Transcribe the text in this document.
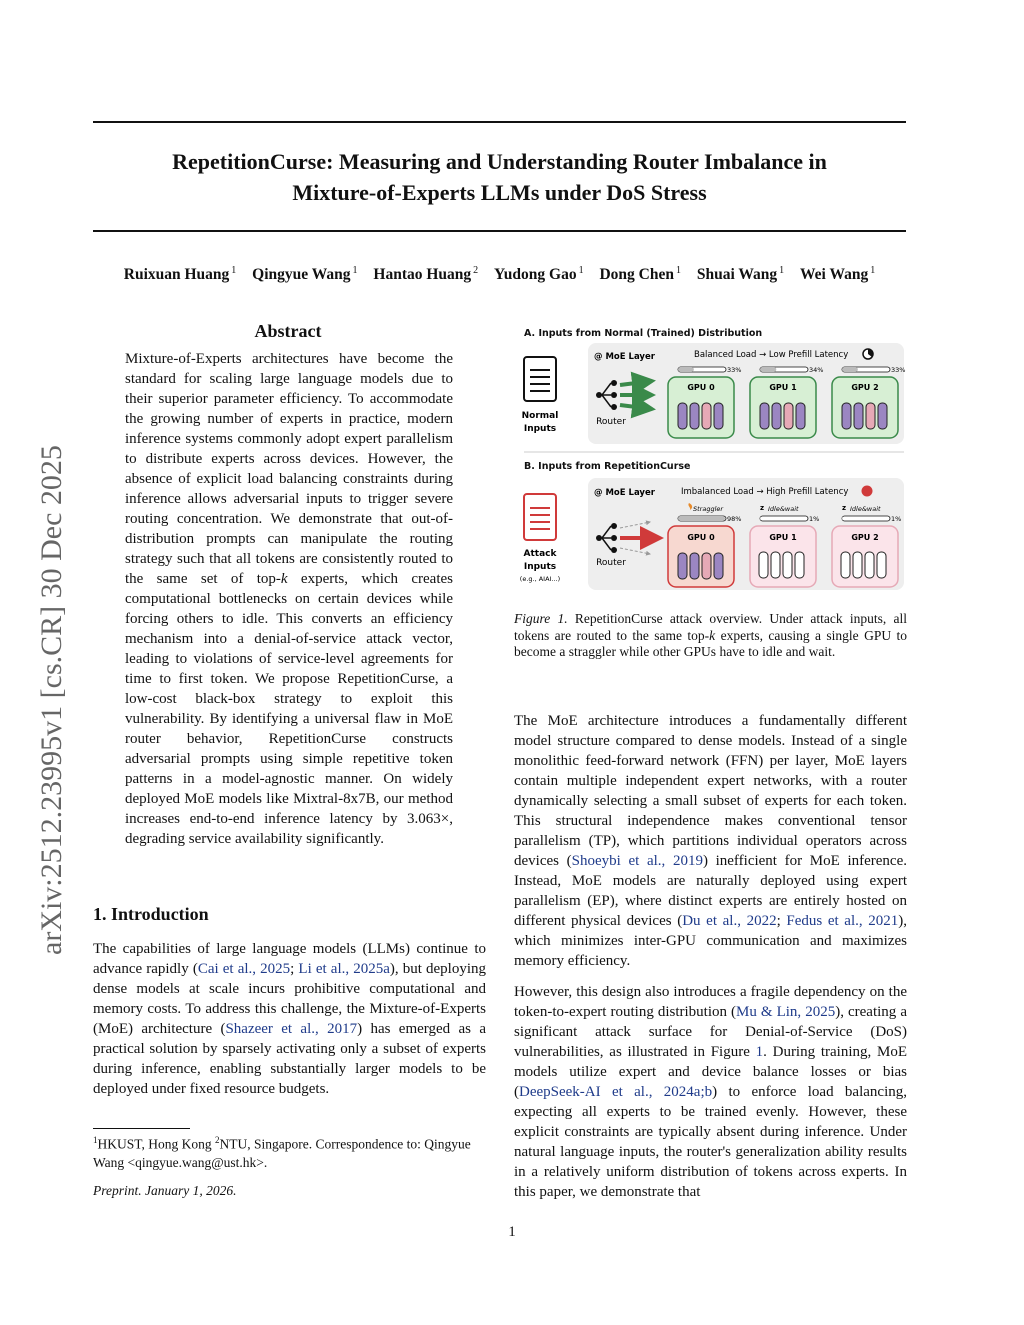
RepetitionCurse: Measuring and Understanding Router Imbalance in
Mixture-of-Experts LLMs under DoS Stress
Ruixuan Huang $^1$ Qingyue Wang $^1$ Hantao Huang $^2$ Yudong Gao $^1$ Dong Chen $^1$ Shuai Wang $^1$ Wei Wang $^1$
arXiv:2512.23995v1 [cs.CR] 30 Dec 2025
Abstract
Mixture-of-Experts architectures have become the standard for scaling large language models due to their superior parameter efficiency. To accommodate the growing number of experts in practice, modern inference systems commonly adopt expert parallelism to distribute experts across devices. However, the absence of explicit load balancing constraints during inference allows adversarial inputs to trigger severe routing concentration. We demonstrate that out-of-distribution prompts can manipulate the routing strategy such that all tokens are consistently routed to the same set of top-k experts, which creates computational bottlenecks on certain devices while forcing others to idle. This converts an efficiency mechanism into a denial-of-service attack vector, leading to violations of service-level agreements for time to first token. We propose RepetitionCurse, a low-cost black-box strategy to exploit this vulnerability. By identifying a universal flaw in MoE router behavior, RepetitionCurse constructs adversarial prompts using simple repetitive token patterns in a model-agnostic manner. On widely deployed MoE models like Mixtral-8x7B, our method increases end-to-end inference latency by 3.063×, degrading service availability significantly.
1. Introduction
The capabilities of large language models (LLMs) continue to advance rapidly (Cai et al., 2025; Li et al., 2025a), but deploying dense models at scale incurs prohibitive computational and memory costs. To address this challenge, the Mixture-of-Experts (MoE) architecture (Shazeer et al., 2017) has emerged as a practical solution by sparsely activating only a subset of experts during inference, enabling substantially larger models to be deployed under fixed resource budgets.
$^1$HKUST, Hong Kong $^2$NTU, Singapore. Correspondence to: Qingyue Wang <qingyue.wang@ust.hk>.
Preprint. January 1, 2026.
1
A. Inputs from Normal (Trained) Distribution
Normal
Inputs
@ MoE Layer
Router
Balanced Load → Low Prefill Latency
33%	34%	33%
GPU 0	GPU 1	GPU 2
B. Inputs from RepetitionCurse
Attack
Inputs
(e.g., AIAI...)
@ MoE Layer
Router
Imbalanced Load → High Prefill Latency
Straggler	z Idle&wait	z Idle&wait
98%	1%	1%
GPU 0	GPU 1	GPU 2
Figure 1. RepetitionCurse attack overview. Under attack inputs, all tokens are routed to the same top-k experts, causing a single GPU to become a straggler while other GPUs have to idle and wait.
The MoE architecture introduces a fundamentally different model structure compared to dense models. Instead of a single monolithic feed-forward network (FFN) per layer, MoE layers contain multiple independent expert networks, with a router dynamically selecting a small subset of experts for each token. This structural independence makes conventional tensor parallelism (TP), which partitions individual operators across devices (Shoeybi et al., 2019) inefficient for MoE inference. Instead, MoE models are naturally deployed using expert parallelism (EP), where distinct experts are entirely hosted on different physical devices (Du et al., 2022; Fedus et al., 2021), which minimizes inter-GPU communication and maximizes memory efficiency.
However, this design also introduces a fragile dependency on the token-to-expert routing distribution (Mu & Lin, 2025), creating a significant attack surface for Denial-of-Service (DoS) vulnerabilities, as illustrated in Figure 1. During training, MoE models utilize expert and device balance losses or bias (DeepSeek-AI et al., 2024a;b) to enforce load balancing, expecting all experts to be trained evenly. However, these explicit constraints are typically absent during inference. Under natural language inputs, the router's generalization ability results in a relatively uniform distribution of tokens across experts. In this paper, we demonstrate that
